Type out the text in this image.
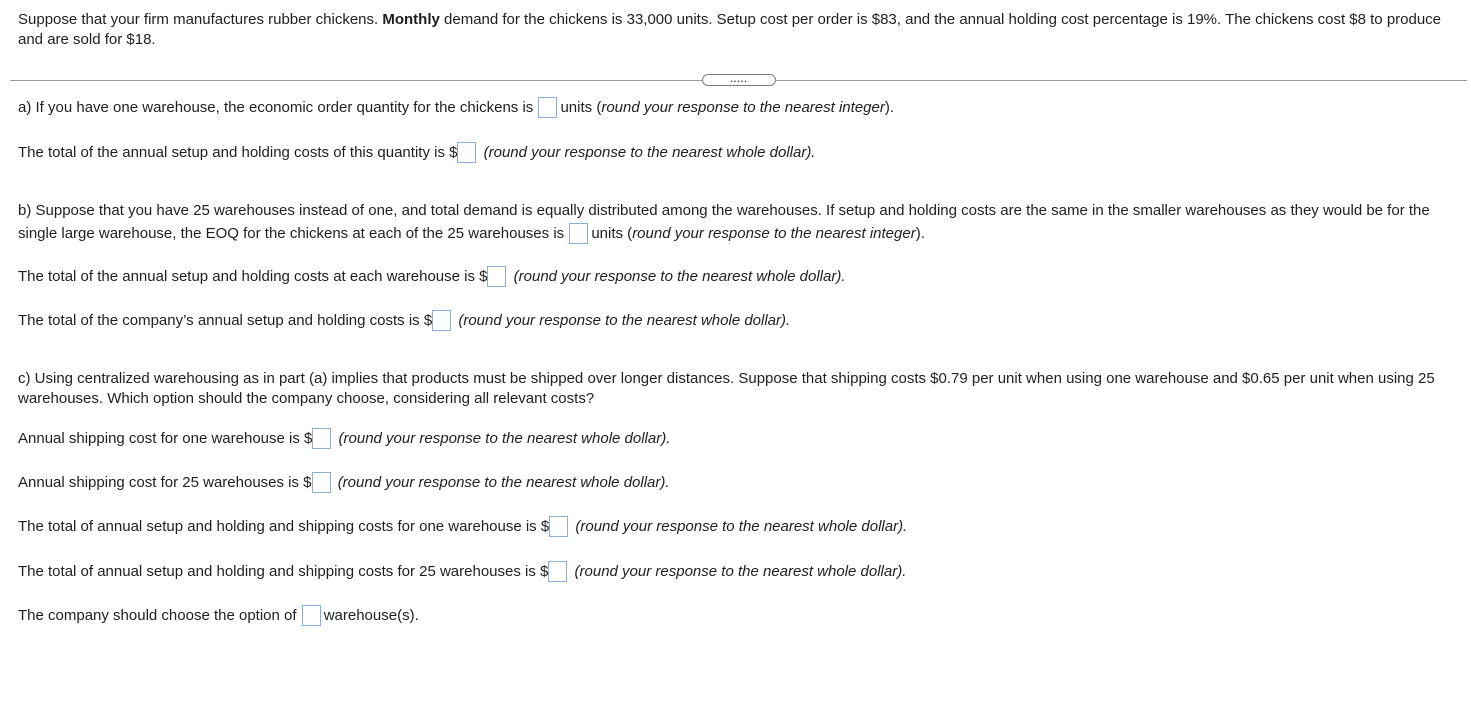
Suppose that your firm manufactures rubber chickens. Monthly demand for the chickens is 33,000 units. Setup cost per order is $83, and the annual holding cost percentage is 19%. The chickens cost $8 to produce and are sold for $18.
.....
a) If you have one warehouse, the economic order quantity for the chickens is units (round your response to the nearest integer).
The total of the annual setup and holding costs of this quantity is $ (round your response to the nearest whole dollar).
b) Suppose that you have 25 warehouses instead of one, and total demand is equally distributed among the warehouses. If setup and holding costs are the same in the smaller warehouses as they would be for the single large warehouse, the EOQ for the chickens at each of the 25 warehouses is units (round your response to the nearest integer).
The total of the annual setup and holding costs at each warehouse is $ (round your response to the nearest whole dollar).
The total of the company’s annual setup and holding costs is $ (round your response to the nearest whole dollar).
c) Using centralized warehousing as in part (a) implies that products must be shipped over longer distances. Suppose that shipping costs $0.79 per unit when using one warehouse and $0.65 per unit when using 25 warehouses. Which option should the company choose, considering all relevant costs?
Annual shipping cost for one warehouse is $ (round your response to the nearest whole dollar).
Annual shipping cost for 25 warehouses is $ (round your response to the nearest whole dollar).
The total of annual setup and holding and shipping costs for one warehouse is $ (round your response to the nearest whole dollar).
The total of annual setup and holding and shipping costs for 25 warehouses is $ (round your response to the nearest whole dollar).
The company should choose the option of warehouse(s).
